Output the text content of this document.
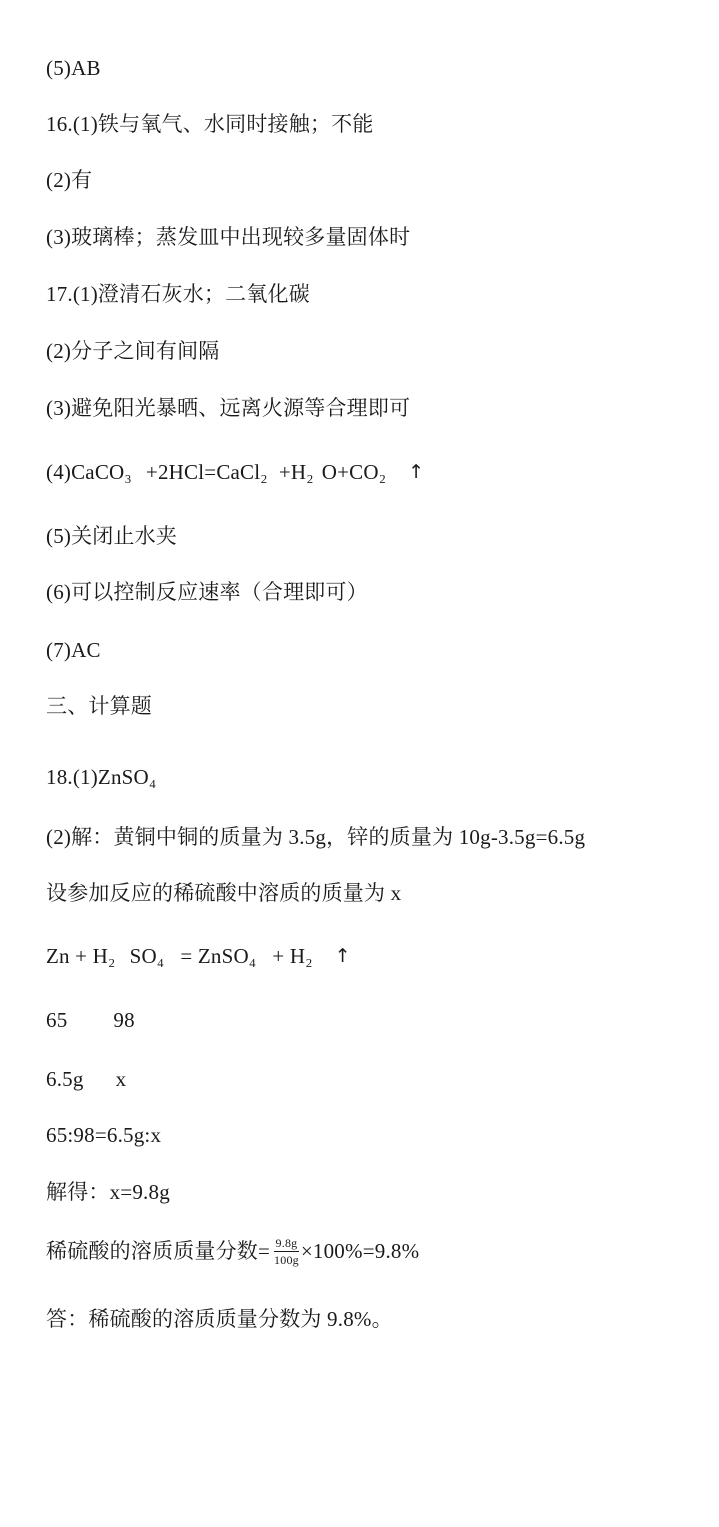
(5)AB
16.(1)铁与氧气、水同时接触；不能
(2)有
(3)玻璃棒；蒸发皿中出现较多量固体时
17.(1)澄清石灰水；二氧化碳
(2)分子之间有间隔
(3)避免阳光暴晒、远离火源等合理即可
(4)CaCO₃ +2HCl=CaCl₂ +H₂ O+CO₂ ↑
(5)关闭止水夹
(6)可以控制反应速率（合理即可）
(7)AC
三、计算题
18.(1)ZnSO₄
(2)解：黄铜中铜的质量为 3.5g，锌的质量为 10g-3.5g=6.5g
设参加反应的稀硫酸中溶质的质量为 x
Zn + H₂ SO₄ = ZnSO₄ + H₂ ↑
65 98
6.5g x
65:98=6.5g:x
解得：x=9.8g
稀硫酸的溶质质量分数= $\frac{9.8g}{100g} \times 100\%=9.8\%$
答：稀硫酸的溶质质量分数为 9.8%。
